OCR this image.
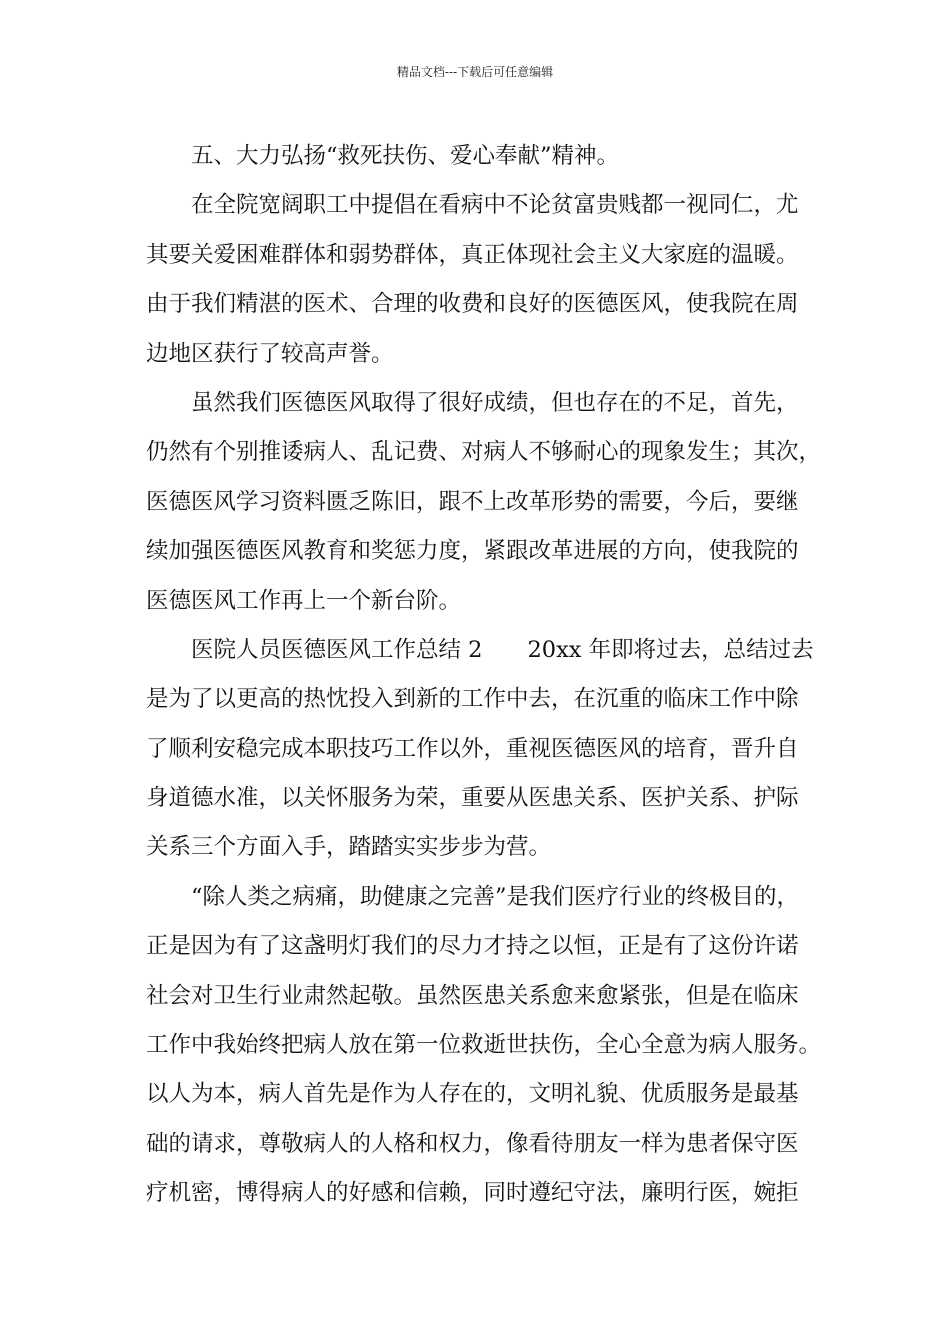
精品文档---下载后可任意编辑
五、大力弘扬“救死扶伤、爱心奉献”精神。
在全院宽阔职工中提倡在看病中不论贫富贵贱都一视同仁，尤
其要关爱困难群体和弱势群体，真正体现社会主义大家庭的温暖。
由于我们精湛的医术、合理的收费和良好的医德医风，使我院在周
边地区获行了较高声誉。
虽然我们医德医风取得了很好成绩，但也存在的不足，首先，
仍然有个别推诿病人、乱记费、对病人不够耐心的现象发生；其次，
医德医风学习资料匮乏陈旧，跟不上改革形势的需要，今后，要继
续加强医德医风教育和奖惩力度，紧跟改革进展的方向，使我院的
医德医风工作再上一个新台阶。
医院人员医德医风工作总结 2　　20xx 年即将过去，总结过去
是为了以更高的热忱投入到新的工作中去，在沉重的临床工作中除
了顺利安稳完成本职技巧工作以外，重视医德医风的培育，晋升自
身道德水准，以关怀服务为荣，重要从医患关系、医护关系、护际
关系三个方面入手，踏踏实实步步为营。
“除人类之病痛，助健康之完善”是我们医疗行业的终极目的，
正是因为有了这盏明灯我们的尽力才持之以恒，正是有了这份许诺
社会对卫生行业肃然起敬。虽然医患关系愈来愈紧张，但是在临床
工作中我始终把病人放在第一位救逝世扶伤，全心全意为病人服务。
以人为本，病人首先是作为人存在的，文明礼貌、优质服务是最基
础的请求，尊敬病人的人格和权力，像看待朋友一样为患者保守医
疗机密，博得病人的好感和信赖，同时遵纪守法，廉明行医，婉拒
